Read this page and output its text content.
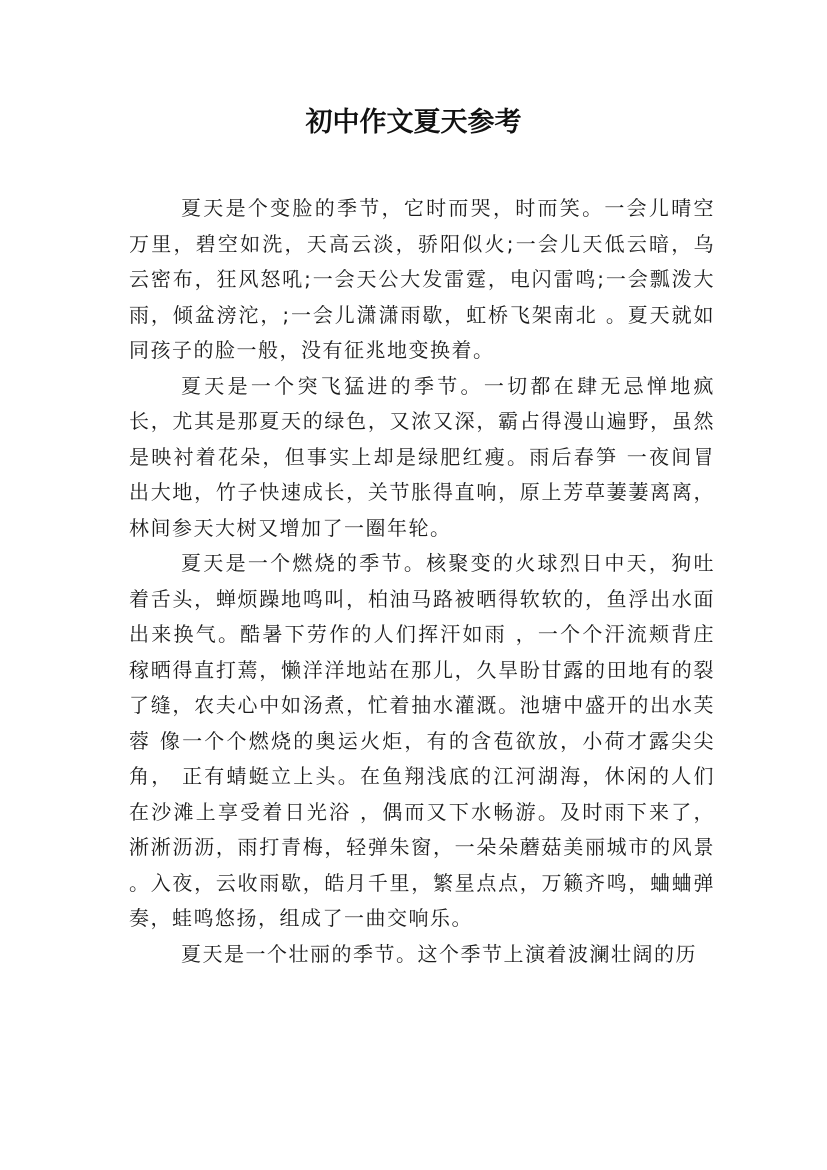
初中作文夏天参考

夏天是个变脸的季节，它时而哭，时而笑。一会儿晴空万里，碧空如洗，天高云淡，骄阳似火;一会儿天低云暗，乌云密布，狂风怒吼;一会天公大发雷霆，电闪雷鸣;一会瓢泼大雨，倾盆滂沱，;一会儿潇潇雨歇，虹桥飞架南北 。夏天就如同孩子的脸一般，没有征兆地变换着。

夏天是一个突飞猛进的季节。一切都在肆无忌惮地疯长，尤其是那夏天的绿色，又浓又深，霸占得漫山遍野，虽然是映衬着花朵，但事实上却是绿肥红瘦。雨后春笋 一夜间冒出大地，竹子快速成长，关节胀得直响，原上芳草萋萋离离，林间参天大树又增加了一圈年轮。

夏天是一个燃烧的季节。核聚变的火球烈日中天，狗吐着舌头，蝉烦躁地鸣叫，柏油马路被晒得软软的，鱼浮出水面出来换气。酷暑下劳作的人们挥汗如雨 ，一个个汗流颊背庄稼晒得直打蔫，懒洋洋地站在那儿，久旱盼甘露的田地有的裂了缝，农夫心中如汤煮，忙着抽水灌溉。池塘中盛开的出水芙蓉 像一个个燃烧的奥运火炬，有的含苞欲放，小荷才露尖尖角， 正有蜻蜓立上头。在鱼翔浅底的江河湖海，休闲的人们在沙滩上享受着日光浴 ，偶而又下水畅游。及时雨下来了，淅淅沥沥，雨打青梅，轻弹朱窗，一朵朵蘑菇美丽城市的风景 。入夜，云收雨歇，皓月千里，繁星点点，万籁齐鸣，蛐蛐弹奏，蛙鸣悠扬，组成了一曲交响乐。

夏天是一个壮丽的季节。这个季节上演着波澜壮阔的历
